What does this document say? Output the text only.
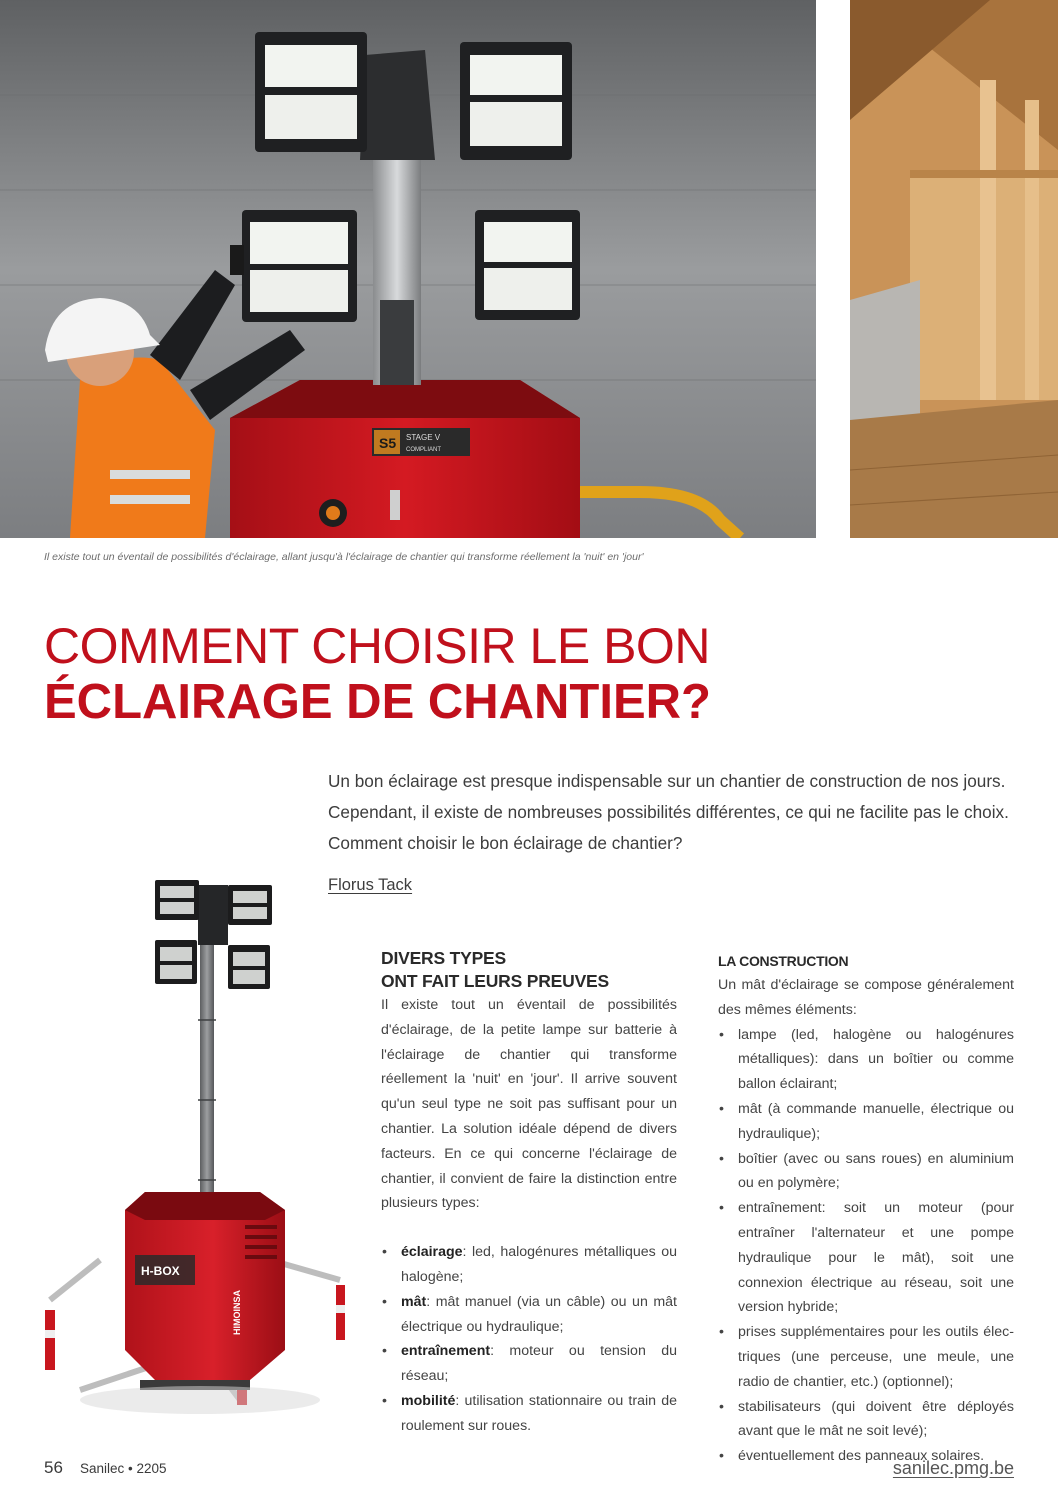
S5 STAGE V
COMPLIANT
Il existe tout un éventail de possibilités d'éclairage, allant jusqu'à l'éclairage de chantier qui transforme réellement la 'nuit' en 'jour'
COMMENT CHOISIR LE BON
ÉCLAIRAGE DE CHANTIER?
Un bon éclairage est presque indispensable sur un chantier de construction de nos jours.
Cependant, il existe de nombreuses possibilités différentes, ce qui ne facilite pas le choix.
Comment choisir le bon éclairage de chantier?
Florus Tack
H-BOX
HIMOINSA
DIVERS TYPES
ONT FAIT LEURS PREUVES

Il existe tout un éventail de possibilités d'éclairage, de la petite lampe sur batterie à l'éclairage de chantier qui transforme réellement la 'nuit' en 'jour'. Il arrive souvent qu'un seul type ne soit pas suffisant pour un chantier. La solution idéale dépend de divers facteurs. En ce qui concerne l'éclairage de chantier, il convient de faire la distinction entre plusieurs types:

• éclairage: led, halogénures métalliques ou halogène;
• mât: mât manuel (via un câble) ou un mât électrique ou hydraulique;
• entraînement: moteur ou tension du réseau;
• mobilité: utilisation stationnaire ou train de roulement sur roues.
LA CONSTRUCTION

Un mât d'éclairage se compose généralement des mêmes éléments:

• lampe (led, halogène ou halogénures métalliques): dans un boîtier ou comme ballon éclairant;
• mât (à commande manuelle, électrique ou hydraulique);
• boîtier (avec ou sans roues) en aluminium ou en polymère;
• entraînement: soit un moteur (pour entraîner l'alternateur et une pompe hydraulique pour le mât), soit une connexion électrique au réseau, soit une version hybride;
• prises supplémentaires pour les outils électriques (une perceuse, une meule, une radio de chantier, etc.) (optionnel);
• stabilisateurs (qui doivent être déployés avant que le mât ne soit levé);
• éventuellement des panneaux solaires.
56 Sanilec • 2205	sanilec.pmg.be
